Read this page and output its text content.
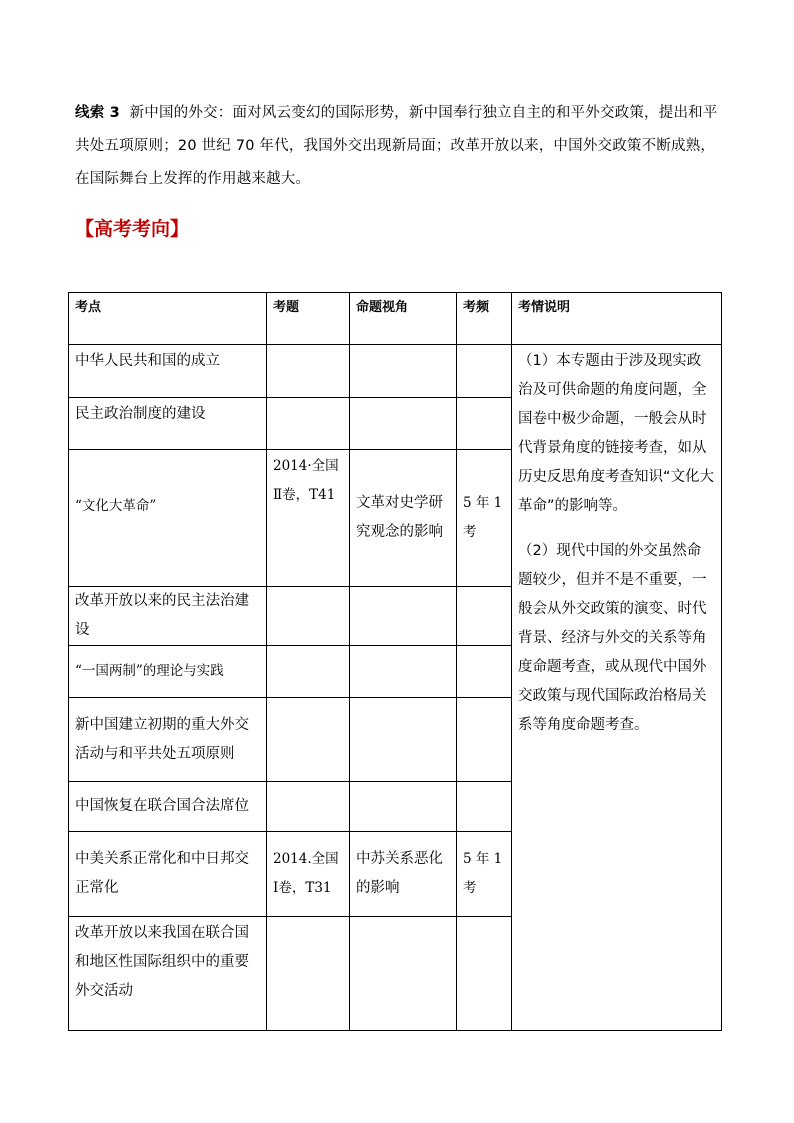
线索 3 新中国的外交：面对风云变幻的国际形势，新中国奉行独立自主的和平外交政策，提出和平共处五项原则；20 世纪 70 年代，我国外交出现新局面；改革开放以来，中国外交政策不断成熟，在国际舞台上发挥的作用越来越大。
【高考考向】
考点	考题	命题视角	考频	考情说明
中华人民共和国的成立				（1）本专题由于涉及现实政治及可供命题的角度问题，全国卷中极少命题，一般会从时代背景角度的链接考查，如从历史反思角度考查知识“文化大革命”的影响等。

（2）现代中国的外交虽然命题较少，但并不是不重要，一般会从外交政策的演变、时代背景、经济与外交的关系等角度命题考查，或从现代中国外交政策与现代国际政治格局关系等角度命题考查。

民主政治制度的建设				
“文化大革命”	2014·全国Ⅱ卷，T41	文革对史学研究观念的影响	5 年 1 考	
改革开放以来的民主法治建设				
“一国两制”的理论与实践				
新中国建立初期的重大外交活动与和平共处五项原则				
中国恢复在联合国合法席位				
中美关系正常化和中日邦交正常化	2014.全国Ⅰ卷，T31	中苏关系恶化的影响	5 年 1 考	
改革开放以来我国在联合国和地区性国际组织中的重要外交活动				
